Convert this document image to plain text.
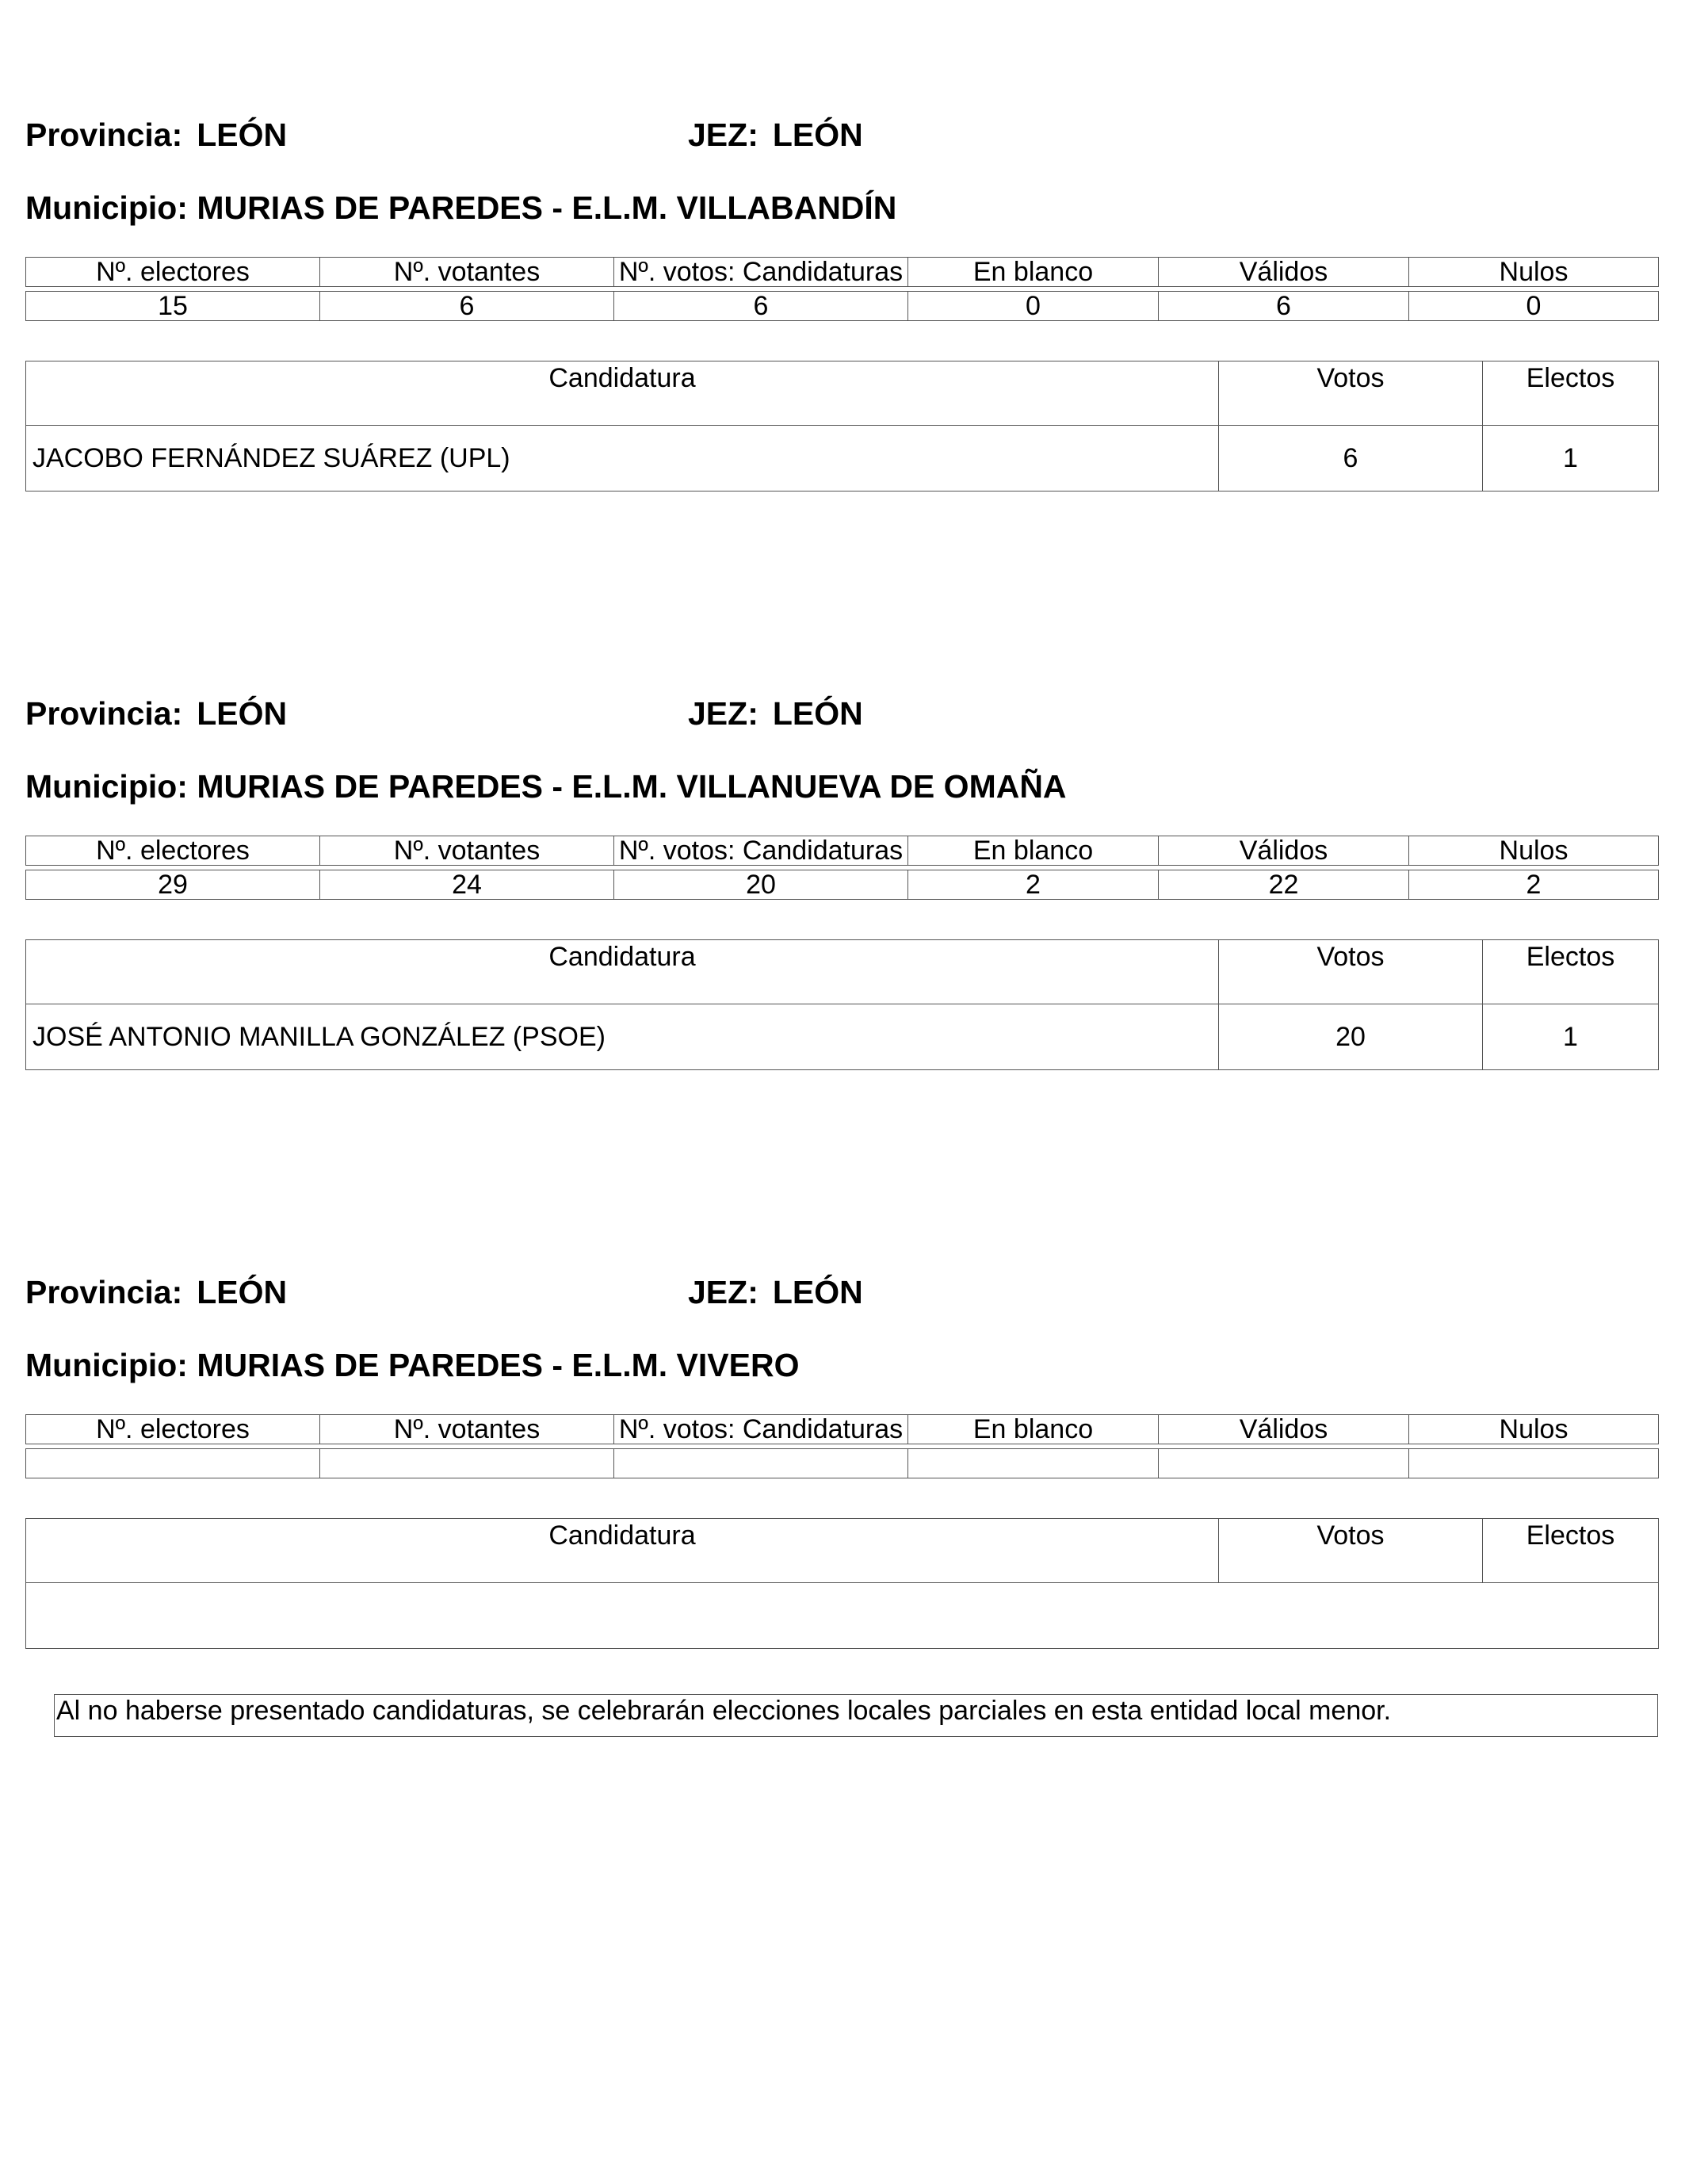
Provincia: LEÓN	JEZ: LEÓN
Municipio: MURIAS DE PAREDES - E.L.M. VILLABANDÍN
Nº. electores	Nº. votantes	Nº. votos: Candidaturas	En blanco	Válidos	Nulos
15	6	6	0	6	0
Candidatura	Votos	Electos
JACOBO FERNÁNDEZ SUÁREZ (UPL)	6	1
Provincia: LEÓN	JEZ: LEÓN
Municipio: MURIAS DE PAREDES - E.L.M. VILLANUEVA DE OMAÑA
Nº. electores	Nº. votantes	Nº. votos: Candidaturas	En blanco	Válidos	Nulos
29	24	20	2	22	2
Candidatura	Votos	Electos
JOSÉ ANTONIO MANILLA GONZÁLEZ (PSOE)	20	1
Provincia: LEÓN	JEZ: LEÓN
Municipio: MURIAS DE PAREDES - E.L.M. VIVERO
Nº. electores	Nº. votantes	Nº. votos: Candidaturas	En blanco	Válidos	Nulos

Candidatura	Votos	Electos

Al no haberse presentado candidaturas, se celebrarán elecciones locales parciales en esta entidad local menor.
